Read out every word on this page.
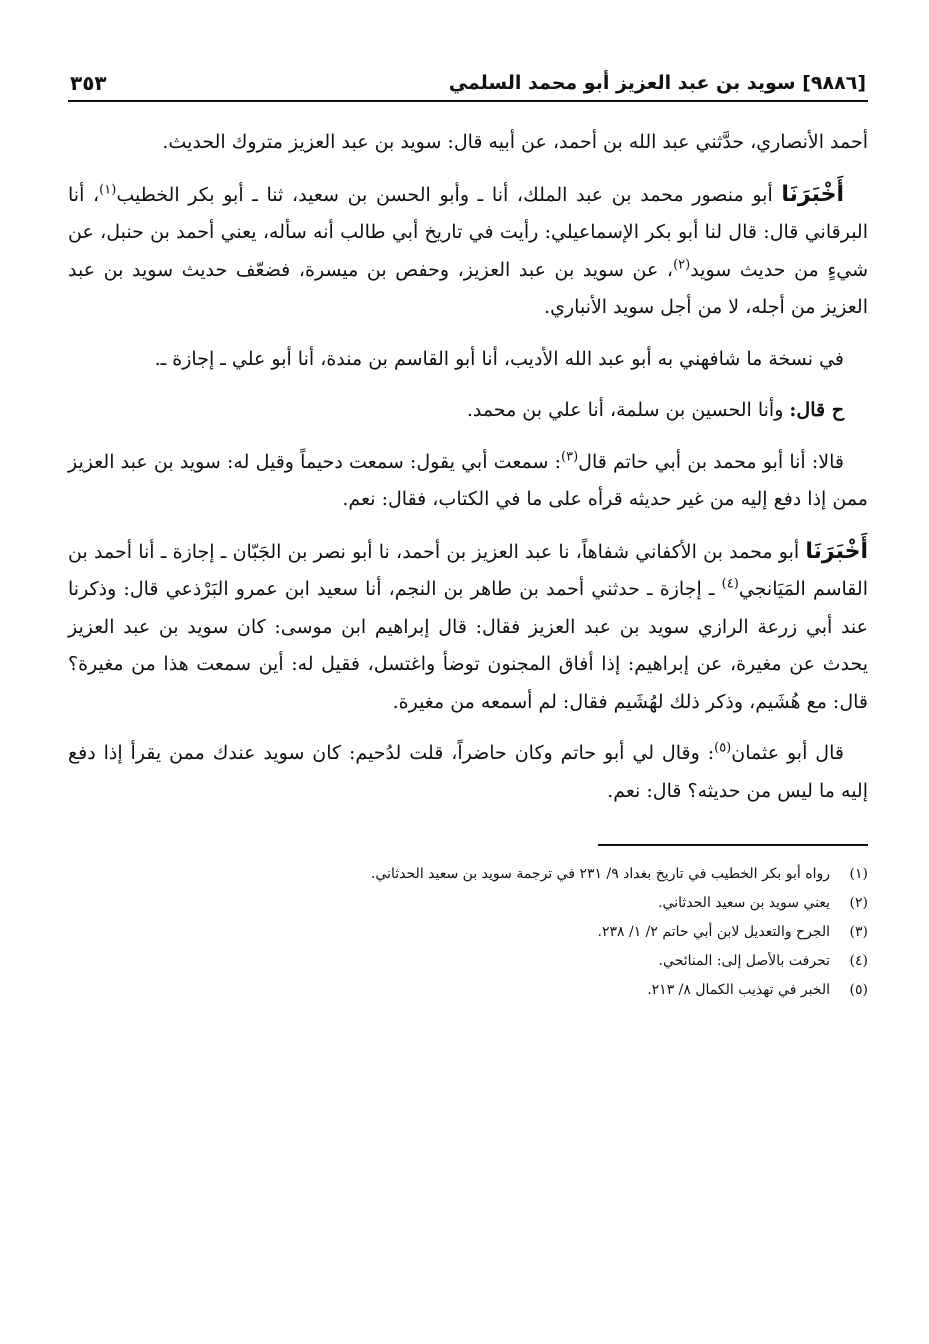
[٩٨٨٦] سويد بن عبد العزيز أبو محمد السلمي
٣٥٣

أحمد الأنصاري، حدَّثني عبد الله بن أحمد، عن أبيه قال: سويد بن عبد العزيز متروك الحديث.

أَخْبَرَنَا أبو منصور محمد بن عبد الملك، أنا ـ وأبو الحسن بن سعيد، ثنا ـ أبو بكر الخطيب$^{(١)}$، أنا البرقاني قال: قال لنا أبو بكر الإسماعيلي: رأيت في تاريخ أبي طالب أنه سأله، يعني أحمد بن حنبل، عن شيءٍ من حديث سويد$^{(٢)}$، عن سويد بن عبد العزيز، وحفص بن ميسرة، فضعّف حديث سويد بن عبد العزيز من أجله، لا من أجل سويد الأنباري.

في نسخة ما شافهني به أبو عبد الله الأديب، أنا أبو القاسم بن مندة، أنا أبو علي ـ إجازة ـ.

ح قال: وأنا الحسين بن سلمة، أنا علي بن محمد.

قالا: أنا أبو محمد بن أبي حاتم قال$^{(٣)}$: سمعت أبي يقول: سمعت دحيماً وقيل له: سويد بن عبد العزيز ممن إذا دفع إليه من غير حديثه قرأه على ما في الكتاب، فقال: نعم.

أَخْبَرَنَا أبو محمد بن الأكفاني شفاهاً، نا عبد العزيز بن أحمد، نا أبو نصر بن الجَبّان ـ إجازة ـ أنا أحمد بن القاسم المَيَانجي$^{(٤)}$ ـ إجازة ـ حدثني أحمد بن طاهر بن النجم، أنا سعيد ابن عمرو البَرْذعي قال: وذكرنا عند أبي زرعة الرازي سويد بن عبد العزيز فقال: قال إبراهيم ابن موسى: كان سويد بن عبد العزيز يحدث عن مغيرة، عن إبراهيم: إذا أفاق المجنون توضأ واغتسل، فقيل له: أين سمعت هذا من مغيرة؟ قال: مع هُشَيم، وذكر ذلك لهُشَيم فقال: لم أسمعه من مغيرة.

قال أبو عثمان$^{(٥)}$: وقال لي أبو حاتم وكان حاضراً، قلت لدُحيم: كان سويد عندك ممن يقرأ إذا دفع إليه ما ليس من حديثه؟ قال: نعم.

(١)
رواه أبو بكر الخطيب في تاريخ بغداد ٩/ ٢٣١ في ترجمة سويد بن سعيد الحدثاني.
(٢)
يعني سويد بن سعيد الحدثاني.
(٣)
الجرح والتعديل لابن أبي حاتم ٢/ ١/ ٢٣٨.
(٤)
تحرفت بالأصل إلى: المنائحي.
(٥)
الخبر في تهذيب الكمال ٨/ ٢١٣.
